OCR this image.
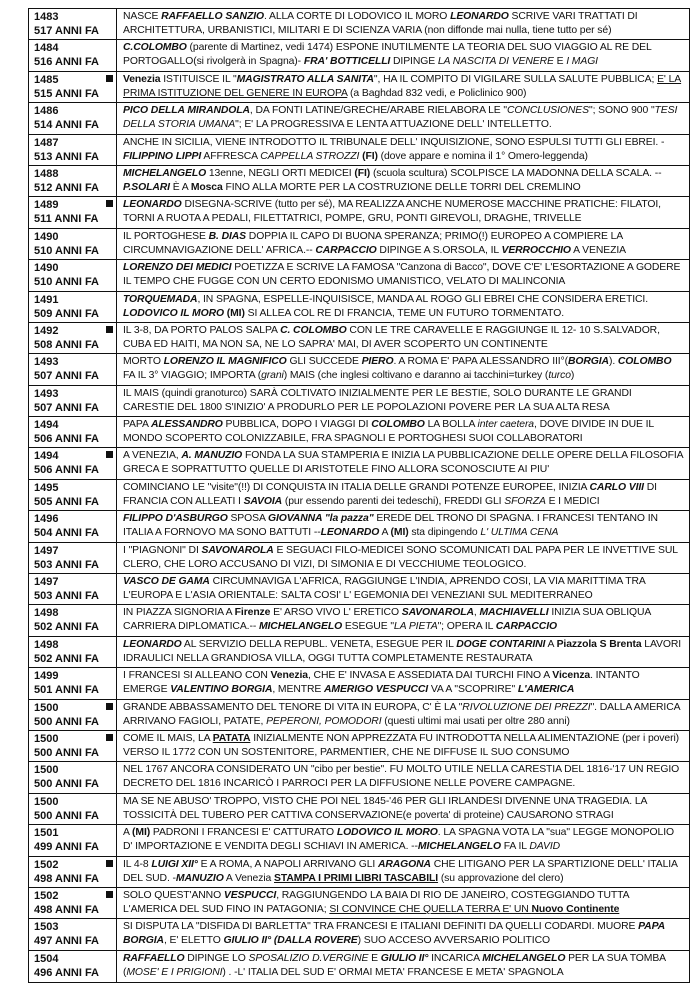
1483
517 ANNI FA
NASCE RAFFAELLO SANZIO. ALLA CORTE DI LODOVICO IL MORO LEONARDO SCRIVE VARI TRATTATI DI ARCHITETTURA, URBANISTICI, MILITARI E DI SCIENZA VARIA (non diffonde mai nulla, tiene tutto per sé)
1484
516 ANNI FA
C.COLOMBO (parente di Martinez, vedi 1474) ESPONE INUTILMENTE LA TEORIA DEL SUO VIAGGIO AL RE DEL PORTOGALLO(si rivolgerà in Spagna)- FRA' BOTTICELLI DIPINGE LA NASCITA DI VENERE E I MAGI
1485
515 ANNI FA
Venezia ISTITUISCE IL "MAGISTRATO ALLA SANITA", HA IL COMPITO DI VIGILARE SULLA SALUTE PUBBLICA; E' LA PRIMA ISTITUZIONE DEL GENERE IN EUROPA (a Baghdad 832 vedi, e Policlinico 900)
1486
514 ANNI FA
PICO DELLA MIRANDOLA, DA FONTI LATINE/GRECHE/ARABE RIELABORA LE "CONCLUSIONES"; SONO 900 "TESI DELLA STORIA UMANA"; E' LA PROGRESSIVA E LENTA ATTUAZIONE DELL' INTELLETTO.
1487
513 ANNI FA
ANCHE IN SICILIA, VIENE INTRODOTTO IL TRIBUNALE DELL' INQUISIZIONE, SONO ESPULSI TUTTI GLI EBREI. - FILIPPINO LIPPI AFFRESCA CAPPELLA STROZZI (FI) (dove appare e nomina il 1° Omero-leggenda)
1488
512 ANNI FA
MICHELANGELO 13enne, NEGLI ORTI MEDICEI (FI) (scuola scultura) SCOLPISCE LA MADONNA DELLA SCALA. --P.SOLARI È A Mosca FINO ALLA MORTE PER LA COSTRUZIONE DELLE TORRI DEL CREMLINO
1489
511 ANNI FA
LEONARDO DISEGNA-SCRIVE (tutto per sé), MA REALIZZA ANCHE NUMEROSE MACCHINE PRATICHE: FILATOI, TORNI A RUOTA A PEDALI, FILETTATRICI, POMPE, GRU, PONTI GIREVOLI, DRAGHE, TRIVELLE
1490
510 ANNI FA
IL PORTOGHESE B. DIAS DOPPIA IL CAPO DI BUONA SPERANZA; PRIMO(!) EUROPEO A COMPIERE LA CIRCUMNAVIGAZIONE DELL' AFRICA.-- CARPACCIO DIPINGE A S.ORSOLA, IL VERROCCHIO A VENEZIA
1490
510 ANNI FA
LORENZO DEI MEDICI POETIZZA E SCRIVE LA FAMOSA "Canzona di Bacco", DOVE C'E' L'ESORTAZIONE A GODERE IL TEMPO CHE FUGGE CON UN CERTO EDONISMO UMANISTICO, VELATO DI MALINCONIA
1491
509 ANNI FA
TORQUEMADA, IN SPAGNA, ESPELLE-INQUISISCE, MANDA AL ROGO GLI EBREI CHE CONSIDERA ERETICI. LODOVICO IL MORO (MI) SI ALLEA COL RE DI FRANCIA, TEME UN FUTURO TORMENTATO.
1492
508 ANNI FA
IL 3-8, DA PORTO PALOS SALPA C. COLOMBO CON LE TRE CARAVELLE E RAGGIUNGE IL 12- 10 S.SALVADOR, CUBA ED HAITI, MA NON SA, NE LO SAPRA' MAI, DI AVER SCOPERTO UN CONTINENTE
1493
507 ANNI FA
MORTO LORENZO IL MAGNIFICO GLI SUCCEDE PIERO. A ROMA E' PAPA ALESSANDRO III°(BORGIA). COLOMBO FA IL 3° VIAGGIO; IMPORTA (grani) MAIS (che inglesi coltivano e daranno ai tacchini=turkey (turco)
1493
507 ANNI FA
IL MAIS (quindi granoturco) SARÀ COLTIVATO INIZIALMENTE PER LE BESTIE, SOLO DURANTE LE GRANDI CARESTIE DEL 1800 S'INIZIO' A PRODURLO PER LE POPOLAZIONI POVERE PER LA SUA ALTA RESA
1494
506 ANNI FA
PAPA ALESSANDRO PUBBLICA, DOPO I VIAGGI DI COLOMBO LA BOLLA inter caetera, DOVE DIVIDE IN DUE IL MONDO SCOPERTO COLONIZZABILE, FRA SPAGNOLI E PORTOGHESI SUOI COLLABORATORI
1494
506 ANNI FA
A VENEZIA, A. MANUZIO FONDA LA SUA STAMPERIA E INIZIA LA PUBBLICAZIONE DELLE OPERE DELLA FILOSOFIA GRECA E SOPRATTUTTO QUELLE DI ARISTOTELE FINO ALLORA SCONOSCIUTE AI PIU'
1495
505 ANNI FA
COMINCIANO LE "visite"(!!) DI CONQUISTA IN ITALIA DELLE GRANDI POTENZE EUROPEE, INIZIA CARLO VIII DI FRANCIA CON ALLEATI I SAVOIA (pur essendo parenti dei tedeschi), FREDDI GLI SFORZA E I MEDICI
1496
504 ANNI FA
FILIPPO D'ASBURGO SPOSA GIOVANNA "la pazza" EREDE DEL TRONO DI SPAGNA. I FRANCESI TENTANO IN ITALIA A FORNOVO MA SONO BATTUTI --LEONARDO A (MI) sta dipingendo L' ULTIMA CENA
1497
503 ANNI FA
I "PIAGNONI" DI SAVONAROLA E SEGUACI FILO-MEDICEI SONO SCOMUNICATI DAL PAPA PER LE INVETTIVE SUL CLERO, CHE LORO ACCUSANO DI VIZI, DI SIMONIA E DI VECCHIUME TEOLOGICO.
1497
503 ANNI FA
VASCO DE GAMA CIRCUMNAVIGA L'AFRICA, RAGGIUNGE L'INDIA, APRENDO COSI, LA VIA MARITTIMA TRA L'EUROPA E L'ASIA ORIENTALE: SALTA COSI' L' EGEMONIA DEI VENEZIANI SUL MEDITERRANEO
1498
502 ANNI FA
IN PIAZZA SIGNORIA A Firenze E' ARSO VIVO L' ERETICO SAVONAROLA, MACHIAVELLI INIZIA SUA OBLIQUA CARRIERA DIPLOMATICA.-- MICHELANGELO ESEGUE "LA PIETA"; OPERA IL CARPACCIO
1498
502 ANNI FA
LEONARDO AL SERVIZIO DELLA REPUBL. VENETA, ESEGUE PER IL DOGE CONTARINI A Piazzola S Brenta LAVORI IDRAULICI NELLA GRANDIOSA VILLA, OGGI TUTTA COMPLETAMENTE RESTAURATA
1499
501 ANNI FA
I FRANCESI SI ALLEANO CON Venezia, CHE E' INVASA E ASSEDIATA DAI TURCHI FINO A Vicenza. INTANTO EMERGE VALENTINO BORGIA, MENTRE AMERIGO VESPUCCI VA A "SCOPRIRE" L'AMERICA
1500
500 ANNI FA
GRANDE ABBASSAMENTO DEL TENORE DI VITA IN EUROPA, C' È LA "RIVOLUZIONE DEI PREZZI". DALLA AMERICA ARRIVANO FAGIOLI, PATATE, PEPERONI, POMODORI (questi ultimi mai usati per oltre 280 anni)
1500
500 ANNI FA
COME IL MAIS, LA PATATA INIZIALMENTE NON APPREZZATA FU INTRODOTTA NELLA ALIMENTAZIONE (per i poveri) VERSO IL 1772 CON UN SOSTENITORE, PARMENTIER, CHE NE DIFFUSE IL SUO CONSUMO
1500
500 ANNI FA
NEL 1767 ANCORA CONSIDERATO UN "cibo per bestie". FU MOLTO UTILE NELLA CARESTIA DEL 1816-'17 UN REGIO DECRETO DEL 1816 INCARICÒ I PARROCI PER LA DIFFUSIONE NELLE POVERE CAMPAGNE.
1500
500 ANNI FA
MA SE NE ABUSO' TROPPO, VISTO CHE POI NEL 1845-'46 PER GLI IRLANDESI DIVENNE UNA TRAGEDIA. LA TOSSICITÀ DEL TUBERO PER CATTIVA CONSERVAZIONE(e poverta' di proteine) CAUSARONO STRAGI
1501
499 ANNI FA
A (MI) PADRONI I FRANCESI E' CATTURATO LODOVICO IL MORO. LA SPAGNA VOTA LA "sua" LEGGE MONOPOLIO D' IMPORTAZIONE E VENDITA DEGLI SCHIAVI IN AMERICA. --MICHELANGELO FA IL DAVID
1502
498 ANNI FA
IL 4-8 LUIGI XII° E A ROMA, A NAPOLI ARRIVANO GLI ARAGONA CHE LITIGANO PER LA SPARTIZIONE DELL' ITALIA DEL SUD. -MANUZIO A Venezia STAMPA I PRIMI LIBRI TASCABILI (su approvazione del clero)
1502
498 ANNI FA
SOLO QUEST'ANNO VESPUCCI, RAGGIUNGENDO LA BAIA DI RIO DE JANEIRO, COSTEGGIANDO TUTTA L'AMERICA DEL SUD FINO IN PATAGONIA; SI CONVINCE CHE QUELLA TERRA E' UN Nuovo Continente
1503
497 ANNI FA
SI DISPUTA LA "DISFIDA DI BARLETTA" TRA FRANCESI E ITALIANI DEFINITI DA QUELLI CODARDI. MUORE PAPA BORGIA, E' ELETTO GIULIO II° (DALLA ROVERE) SUO ACCESO AVVERSARIO POLITICO
1504
496 ANNI FA
RAFFAELLO DIPINGE LO SPOSALIZIO D.VERGINE E GIULIO II° INCARICA MICHELANGELO PER LA SUA TOMBA (MOSE' E I PRIGIONI) . -L' ITALIA DEL SUD E' ORMAI META' FRANCESE E META' SPAGNOLA
